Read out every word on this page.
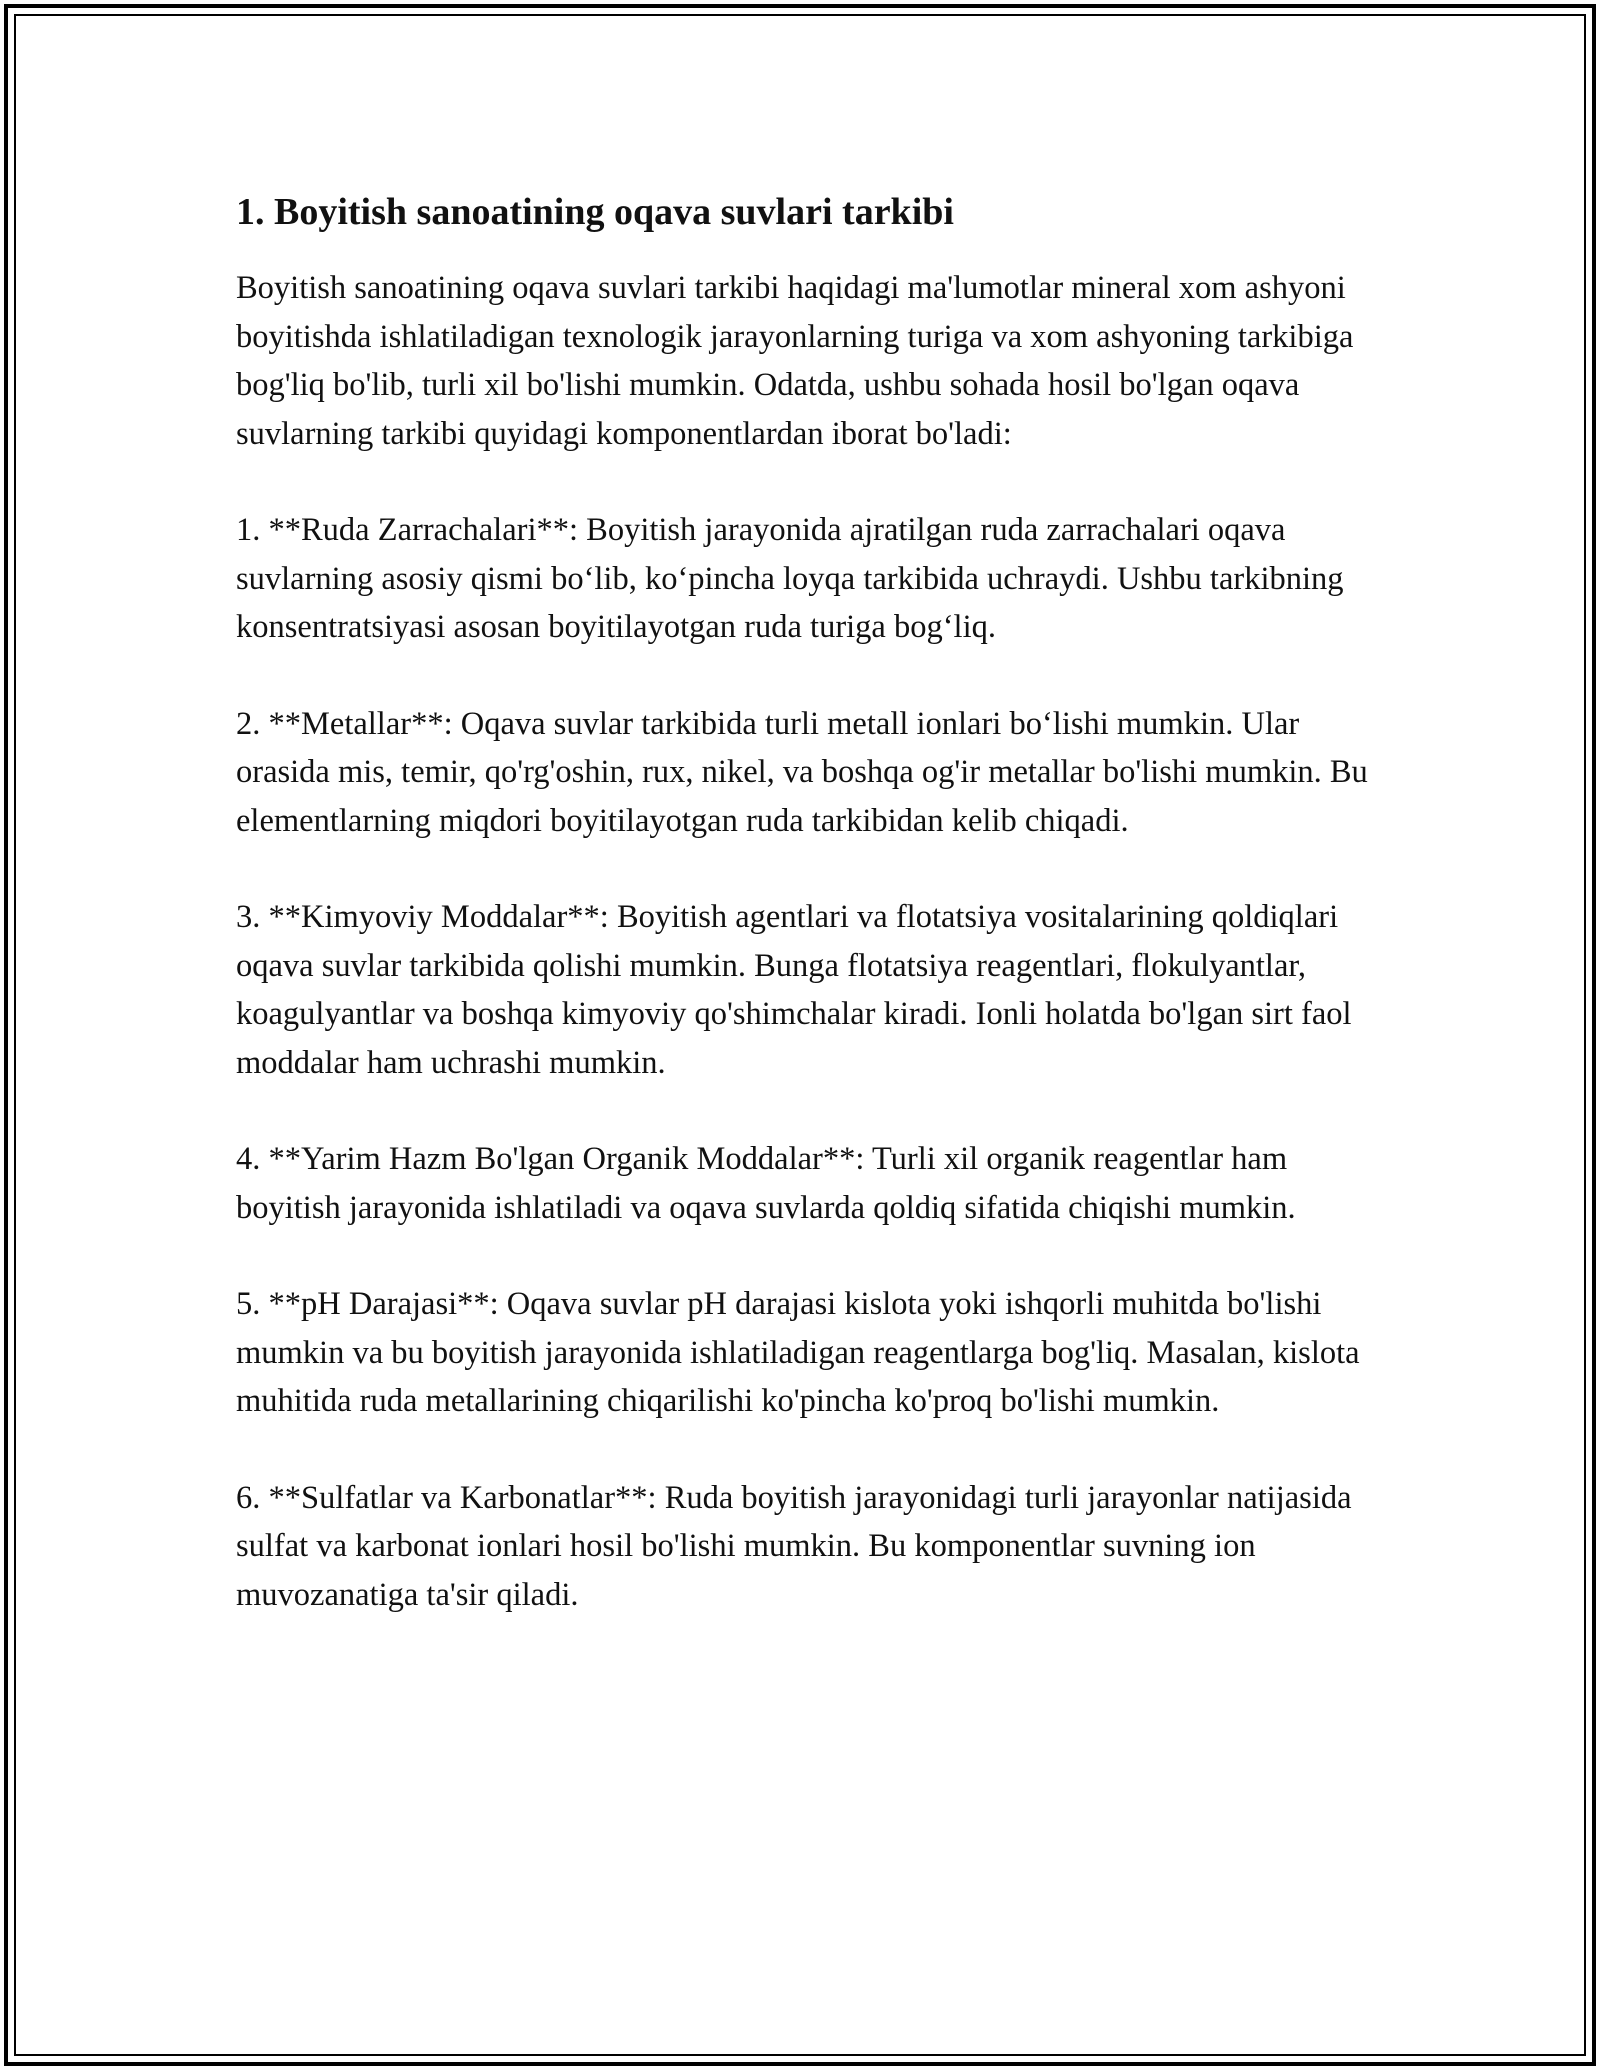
1. Boyitish sanoatining oqava suvlari tarkibi

Boyitish sanoatining oqava suvlari tarkibi haqidagi ma'lumotlar mineral xom ashyoni boyitishda ishlatiladigan texnologik jarayonlarning turiga va xom ashyoning tarkibiga bog'liq bo'lib, turli xil bo'lishi mumkin. Odatda, ushbu sohada hosil bo'lgan oqava suvlarning tarkibi quyidagi komponentlardan iborat bo'ladi:

1. **Ruda Zarrachalari**: Boyitish jarayonida ajratilgan ruda zarrachalari oqava suvlarning asosiy qismi bo‘lib, ko‘pincha loyqa tarkibida uchraydi. Ushbu tarkibning konsentratsiyasi asosan boyitilayotgan ruda turiga bog‘liq.

2. **Metallar**: Oqava suvlar tarkibida turli metall ionlari bo‘lishi mumkin. Ular orasida mis, temir, qo'rg'oshin, rux, nikel, va boshqa og'ir metallar bo'lishi mumkin. Bu elementlarning miqdori boyitilayotgan ruda tarkibidan kelib chiqadi.

3. **Kimyoviy Moddalar**: Boyitish agentlari va flotatsiya vositalarining qoldiqlari oqava suvlar tarkibida qolishi mumkin. Bunga flotatsiya reagentlari, flokulyantlar, koagulyantlar va boshqa kimyoviy qo'shimchalar kiradi. Ionli holatda bo'lgan sirt faol moddalar ham uchrashi mumkin.

4. **Yarim Hazm Bo'lgan Organik Moddalar**: Turli xil organik reagentlar ham boyitish jarayonida ishlatiladi va oqava suvlarda qoldiq sifatida chiqishi mumkin.

5. **pH Darajasi**: Oqava suvlar pH darajasi kislota yoki ishqorli muhitda bo'lishi mumkin va bu boyitish jarayonida ishlatiladigan reagentlarga bog'liq. Masalan, kislota muhitida ruda metallarining chiqarilishi ko'pincha ko'proq bo'lishi mumkin.

6. **Sulfatlar va Karbonatlar**: Ruda boyitish jarayonidagi turli jarayonlar natijasida sulfat va karbonat ionlari hosil bo'lishi mumkin. Bu komponentlar suvning ion muvozanatiga ta'sir qiladi.
